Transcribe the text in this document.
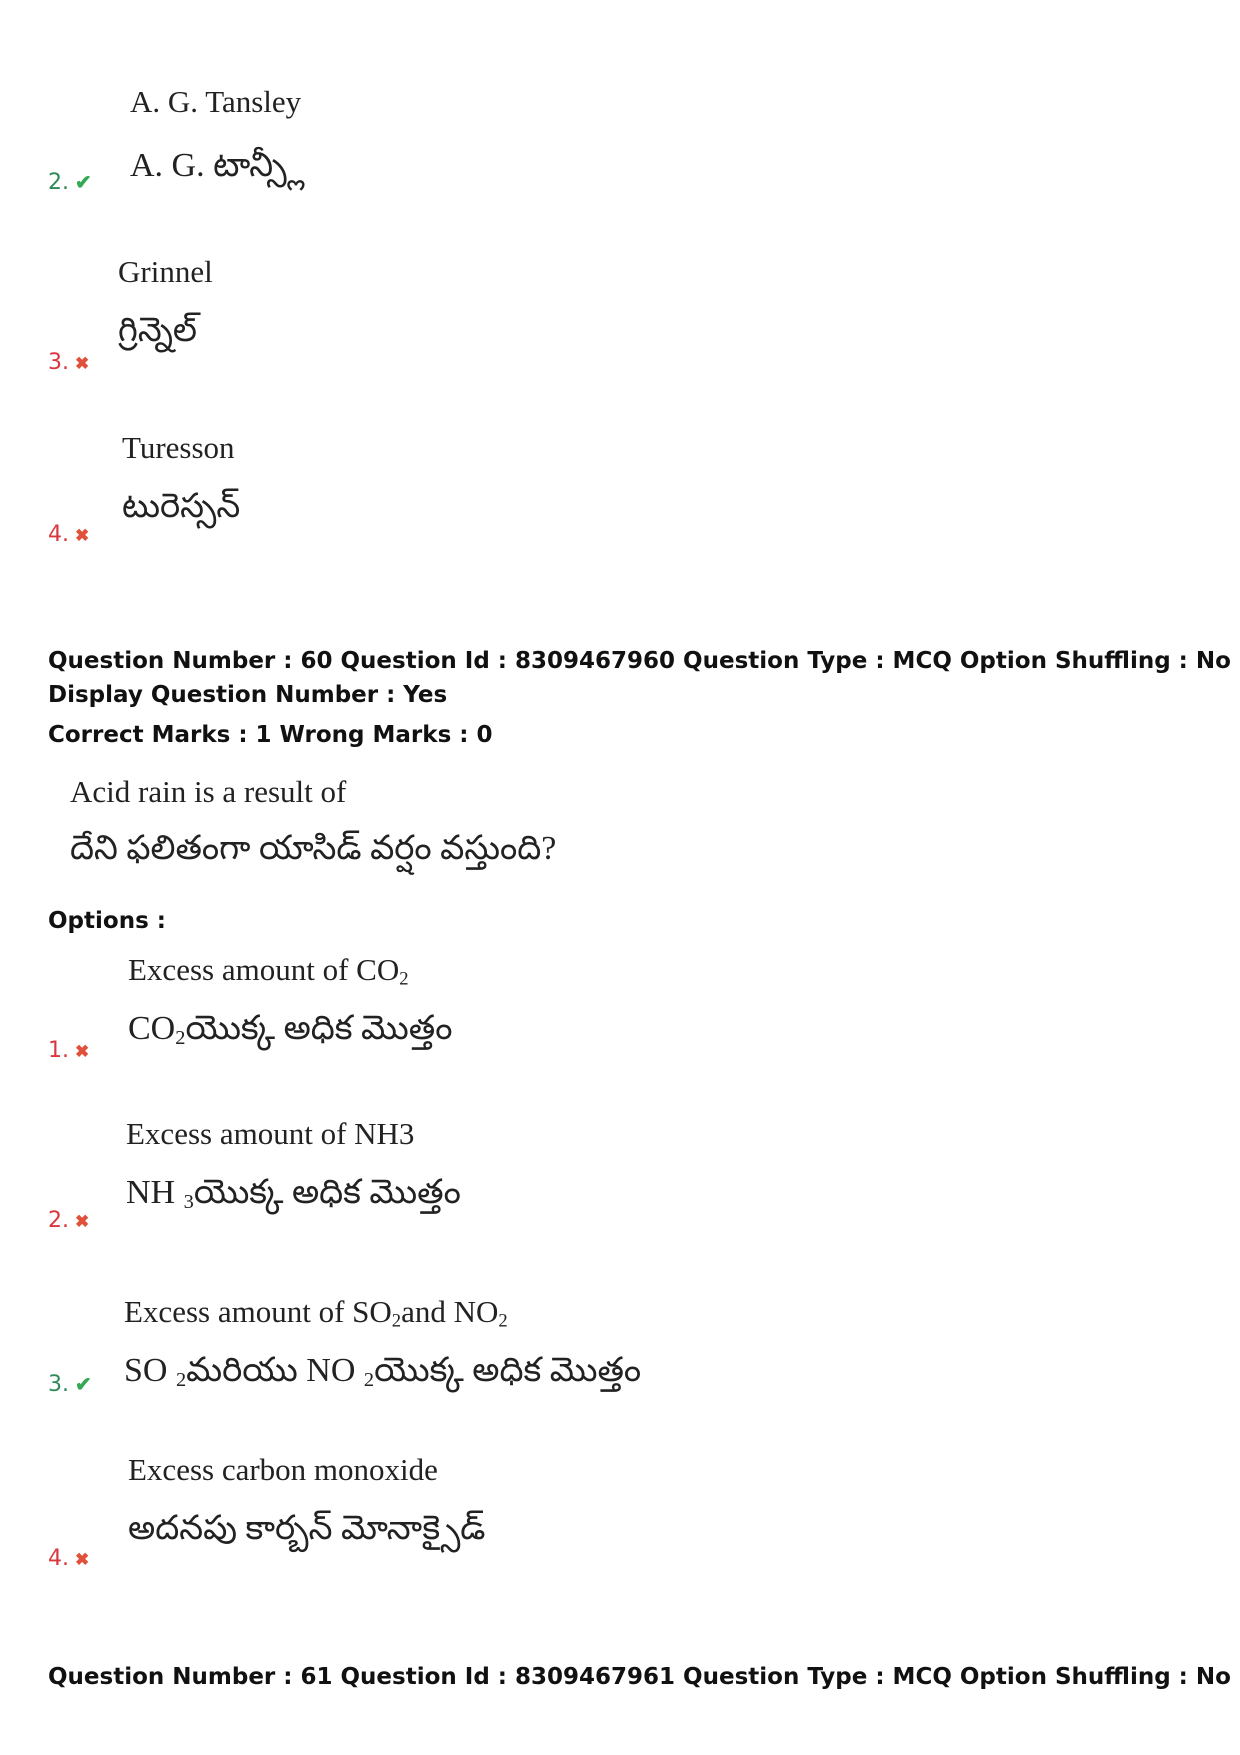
A. G. Tansley
A. G. టాన్స్లీ
2. ✔
Grinnel
గ్రిన్నెల్
3. ✖
Turesson
టురెస్సన్
4. ✖
Question Number : 60 Question Id : 8309467960 Question Type : MCQ Option Shuffling : No
Display Question Number : Yes
Correct Marks : 1 Wrong Marks : 0
Acid rain is a result of
దేని ఫలితంగా యాసిడ్ వర్షం వస్తుంది?
Options :
Excess amount of $CO_2$
$CO_2యొక్క$ అధిక మొత్తం
1. ✖
Excess amount of NH3
NH $_3$యొక్క అధిక మొత్తం
2. ✖
Excess amount of $SO_2and$ $NO_2$
SO $_2$మరియు NO $_2$యొక్క అధిక మొత్తం
3. ✔
Excess carbon monoxide
అదనపు కార్బన్ మోనాక్సైడ్
4. ✖
Question Number : 61 Question Id : 8309467961 Question Type : MCQ Option Shuffling : No
